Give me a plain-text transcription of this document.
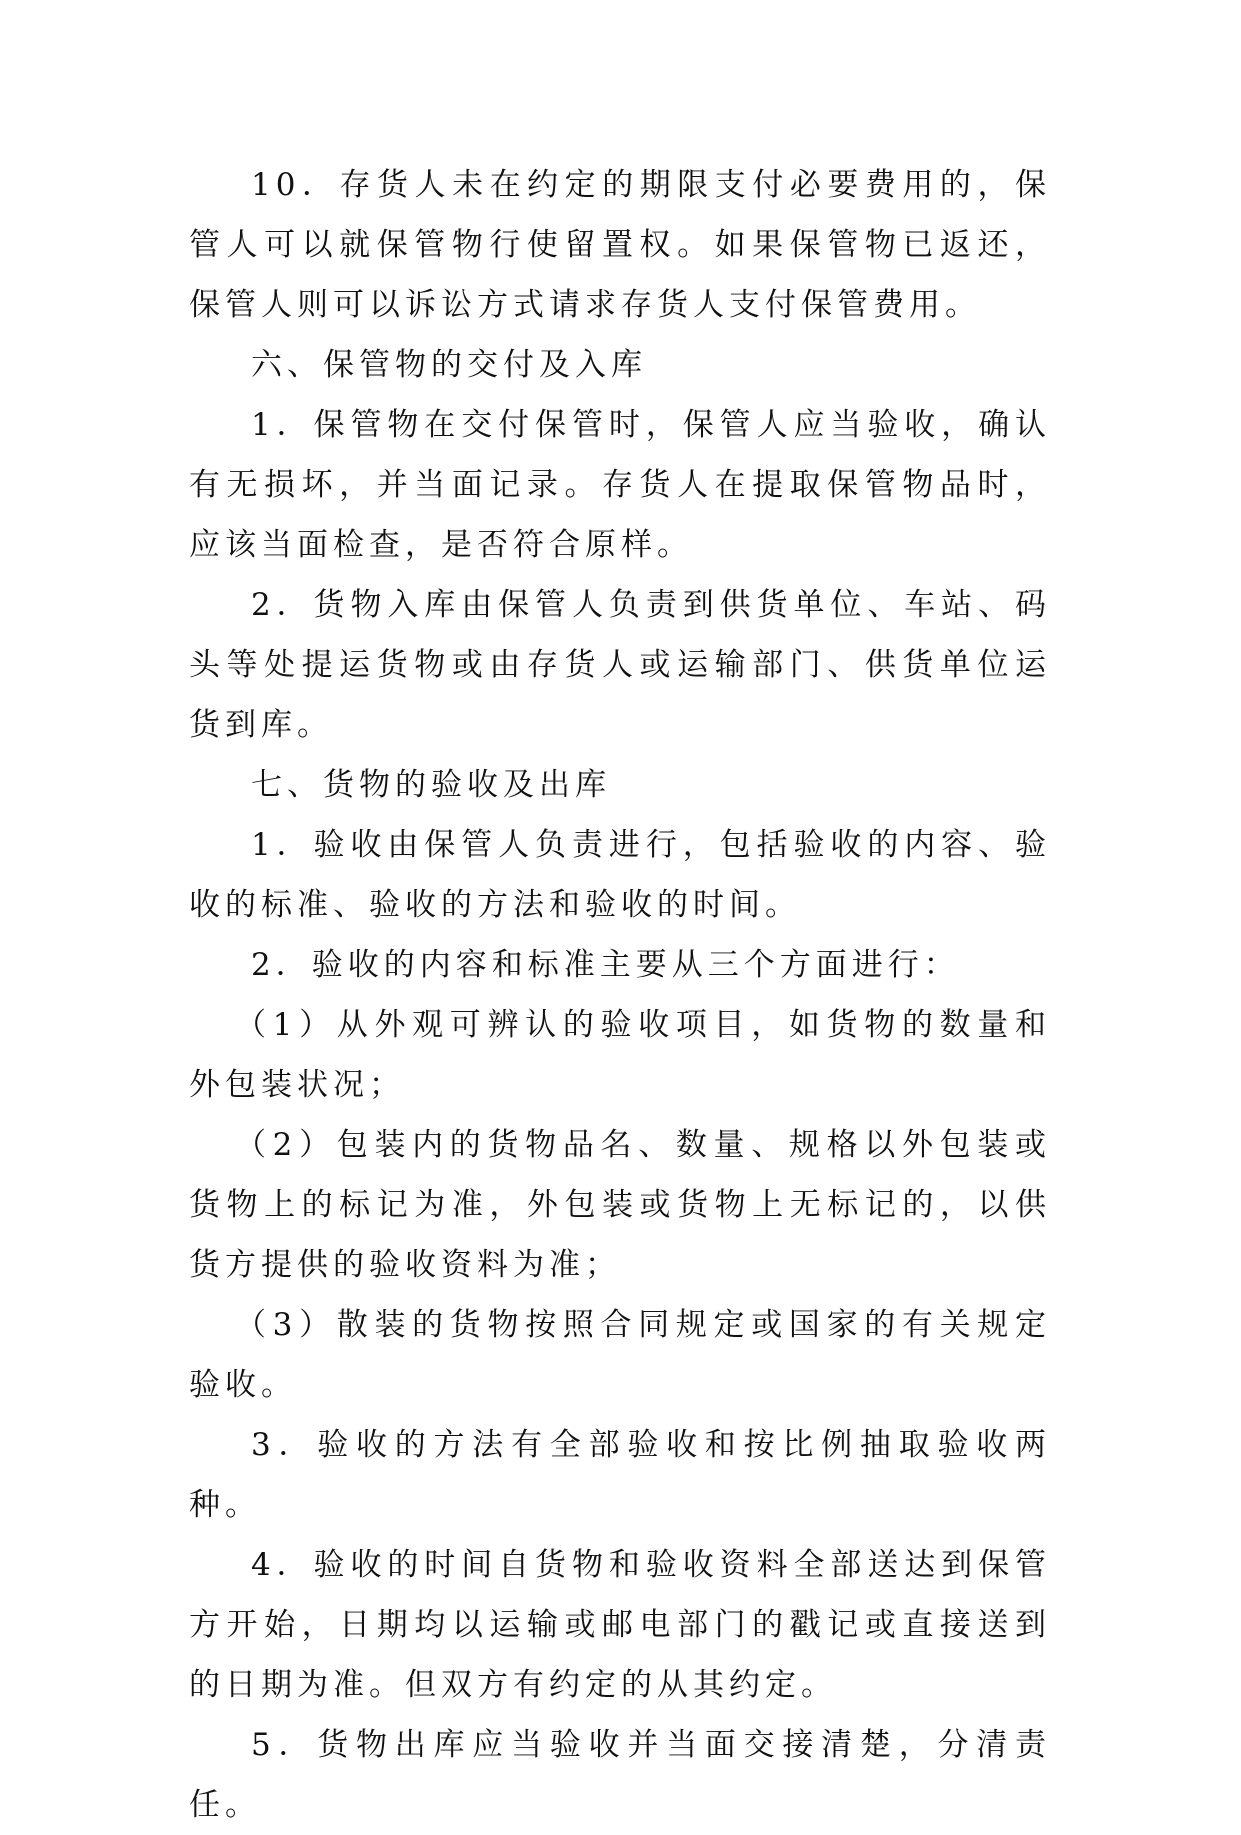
10．存货人未在约定的期限支付必要费用的，保管人可以就保管物行使留置权。如果保管物已返还，保管人则可以诉讼方式请求存货人支付保管费用。

六、保管物的交付及入库

1．保管物在交付保管时，保管人应当验收，确认有无损坏，并当面记录。存货人在提取保管物品时，应该当面检查，是否符合原样。

2．货物入库由保管人负责到供货单位、车站、码头等处提运货物或由存货人或运输部门、供货单位运货到库。

七、货物的验收及出库

1．验收由保管人负责进行，包括验收的内容、验收的标准、验收的方法和验收的时间。

2．验收的内容和标准主要从三个方面进行：

（1）从外观可辨认的验收项目，如货物的数量和外包装状况；

（2）包装内的货物品名、数量、规格以外包装或货物上的标记为准，外包装或货物上无标记的，以供货方提供的验收资料为准；

（3）散装的货物按照合同规定或国家的有关规定验收。

3．验收的方法有全部验收和按比例抽取验收两种。

4．验收的时间自货物和验收资料全部送达到保管方开始，日期均以运输或邮电部门的戳记或直接送到的日期为准。但双方有约定的从其约定。

5．货物出库应当验收并当面交接清楚，分清责任。
